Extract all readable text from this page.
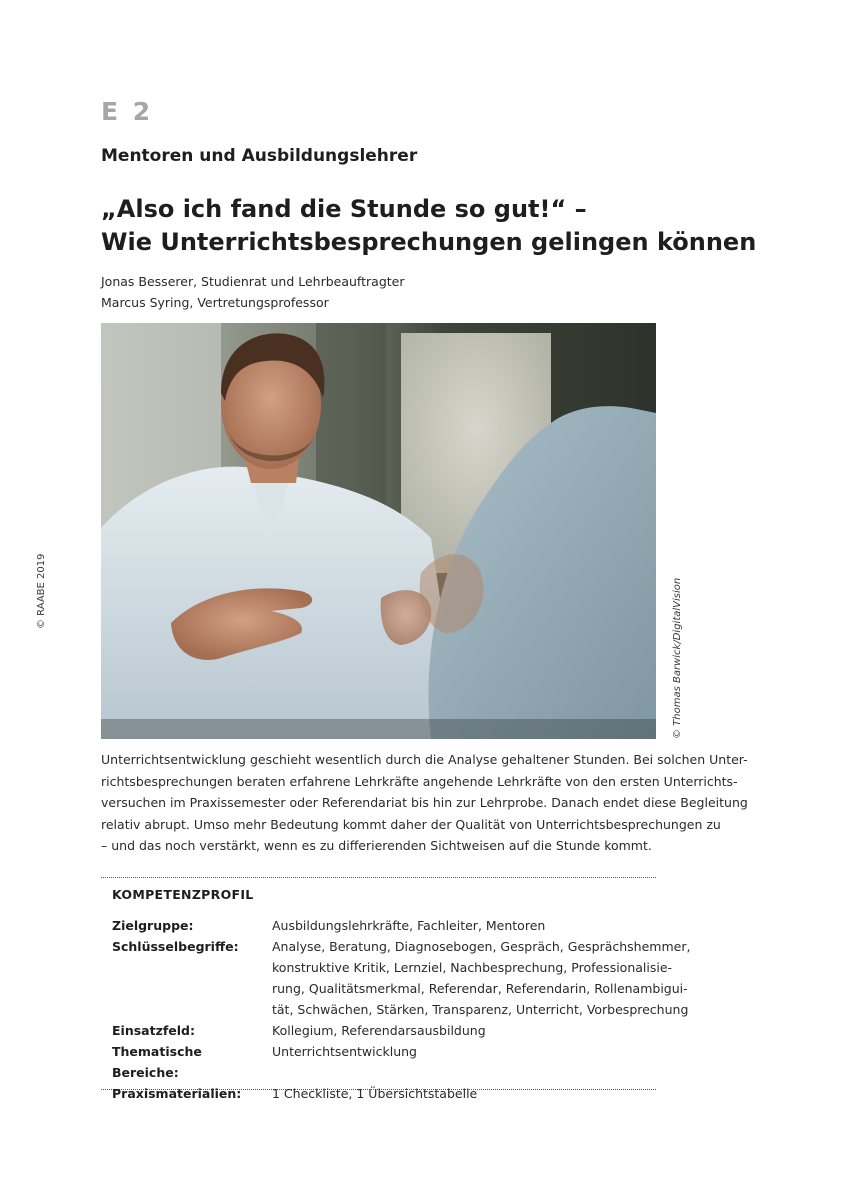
E 2
Mentoren und Ausbildungslehrer
„Also ich fand die Stunde so gut!“ –
Wie Unterrichtsbesprechungen gelingen können
Jonas Besserer, Studienrat und Lehrbeauftragter
Marcus Syring, Vertretungsprofessor
© Thomas Barwick/DigitalVision
© RAABE 2019
Unterrichtsentwicklung geschieht wesentlich durch die Analyse gehaltener Stunden. Bei solchen Unter-
richtsbesprechungen beraten erfahrene Lehrkräfte angehende Lehrkräfte von den ersten Unterrichts-
versuchen im Praxissemester oder Referendariat bis hin zur Lehrprobe. Danach endet diese Begleitung
relativ abrupt. Umso mehr Bedeutung kommt daher der Qualität von Unterrichtsbesprechungen zu
– und das noch verstärkt, wenn es zu differierenden Sichtweisen auf die Stunde kommt.
KOMPETENZPROFIL
Zielgruppe:	Ausbildungslehrkräfte, Fachleiter, Mentoren
Schlüsselbegriffe:	Analyse, Beratung, Diagnosebogen, Gespräch, Gesprächshemmer,
konstruktive Kritik, Lernziel, Nachbesprechung, Professionalisie-
rung, Qualitätsmerkmal, Referendar, Referendarin, Rollenambigui-
tät, Schwächen, Stärken, Transparenz, Unterricht, Vorbesprechung
Einsatzfeld:	Kollegium, Referendarsausbildung
Thematische Bereiche:
Unterrichtsentwicklung
Praxismaterialien:	1 Checkliste, 1 Übersichtstabelle
